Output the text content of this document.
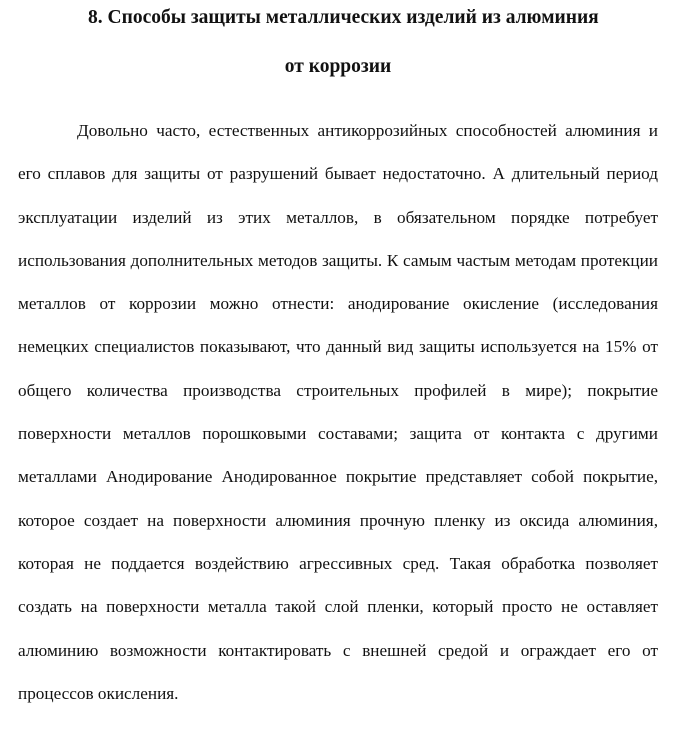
8. Способы защиты металлических изделий из алюминия
от коррозии

Довольно часто, естественных антикоррозийных способностей алюминия и его сплавов для защиты от разрушений бывает недостаточно. А длительный период эксплуатации изделий из этих металлов, в обязательном порядке потребует использования дополнительных методов защиты. К самым частым методам протекции металлов от коррозии можно отнести: анодирование окисление (исследования немецких специалистов показывают, что данный вид защиты используется на 15% от общего количества производства строительных профилей в мире); покрытие поверхности металлов порошковыми составами; защита от контакта с другими металлами Анодирование Анодированное покрытие представляет собой покрытие, которое создает на поверхности алюминия прочную пленку из оксида алюминия, которая не поддается воздействию агрессивных сред. Такая обработка позволяет создать на поверхности металла такой слой пленки, который просто не оставляет алюминию возможности контактировать с внешней средой и ограждает его от процессов окисления.
